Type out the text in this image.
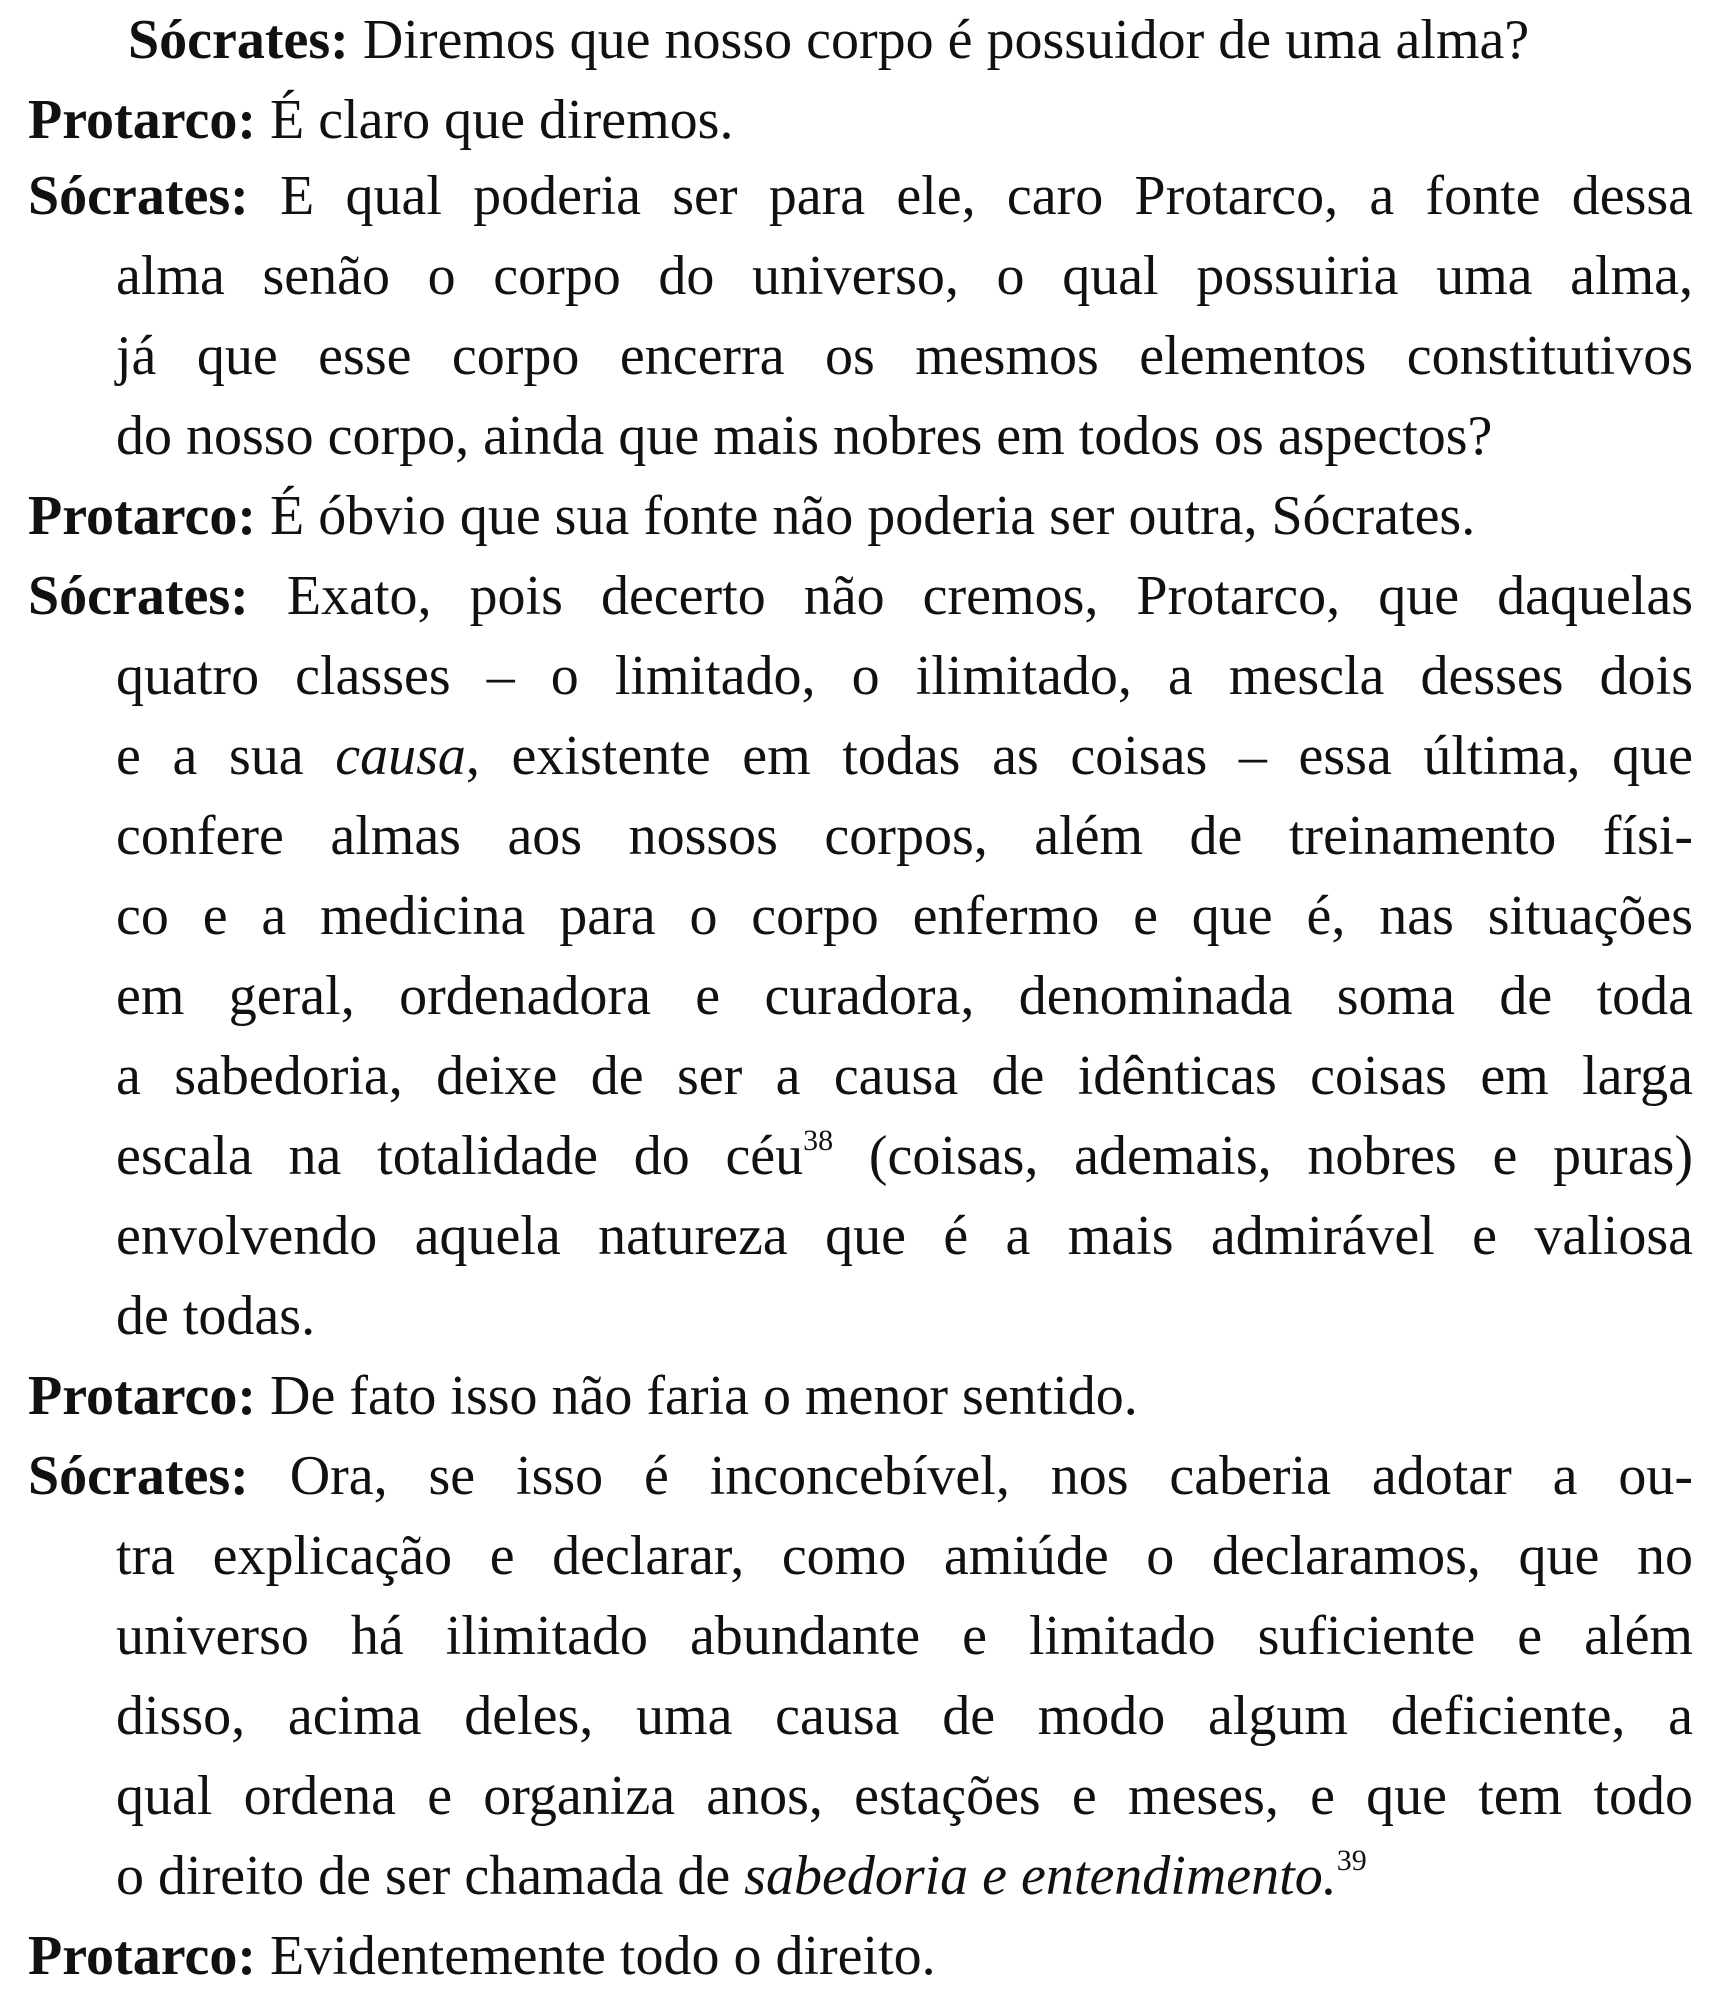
Sócrates: Diremos que nosso corpo é possuidor de uma alma?
Protarco: É claro que diremos.
Sócrates: E qual poderia ser para ele, caro Protarco, a fonte dessa
alma senão o corpo do universo, o qual possuiria uma alma,
já que esse corpo encerra os mesmos elementos constitutivos
do nosso corpo, ainda que mais nobres em todos os aspectos?
Protarco: É óbvio que sua fonte não poderia ser outra, Sócrates.
Sócrates: Exato, pois decerto não cremos, Protarco, que daquelas
quatro classes – o limitado, o ilimitado, a mescla desses dois
e a sua causa, existente em todas as coisas – essa última, que
confere almas aos nossos corpos, além de treinamento físi-
co e a medicina para o corpo enfermo e que é, nas situações
em geral, ordenadora e curadora, denominada soma de toda
a sabedoria, deixe de ser a causa de idênticas coisas em larga
escala na totalidade do céu$^{38}$ (coisas, ademais, nobres e puras)
envolvendo aquela natureza que é a mais admirável e valiosa
de todas.
Protarco: De fato isso não faria o menor sentido.
Sócrates: Ora, se isso é inconcebível, nos caberia adotar a ou-
tra explicação e declarar, como amiúde o declaramos, que no
universo há ilimitado abundante e limitado suficiente e além
disso, acima deles, uma causa de modo algum deficiente, a
qual ordena e organiza anos, estações e meses, e que tem todo
o direito de ser chamada de sabedoria e entendimento.$^{39}$
Protarco: Evidentemente todo o direito.
